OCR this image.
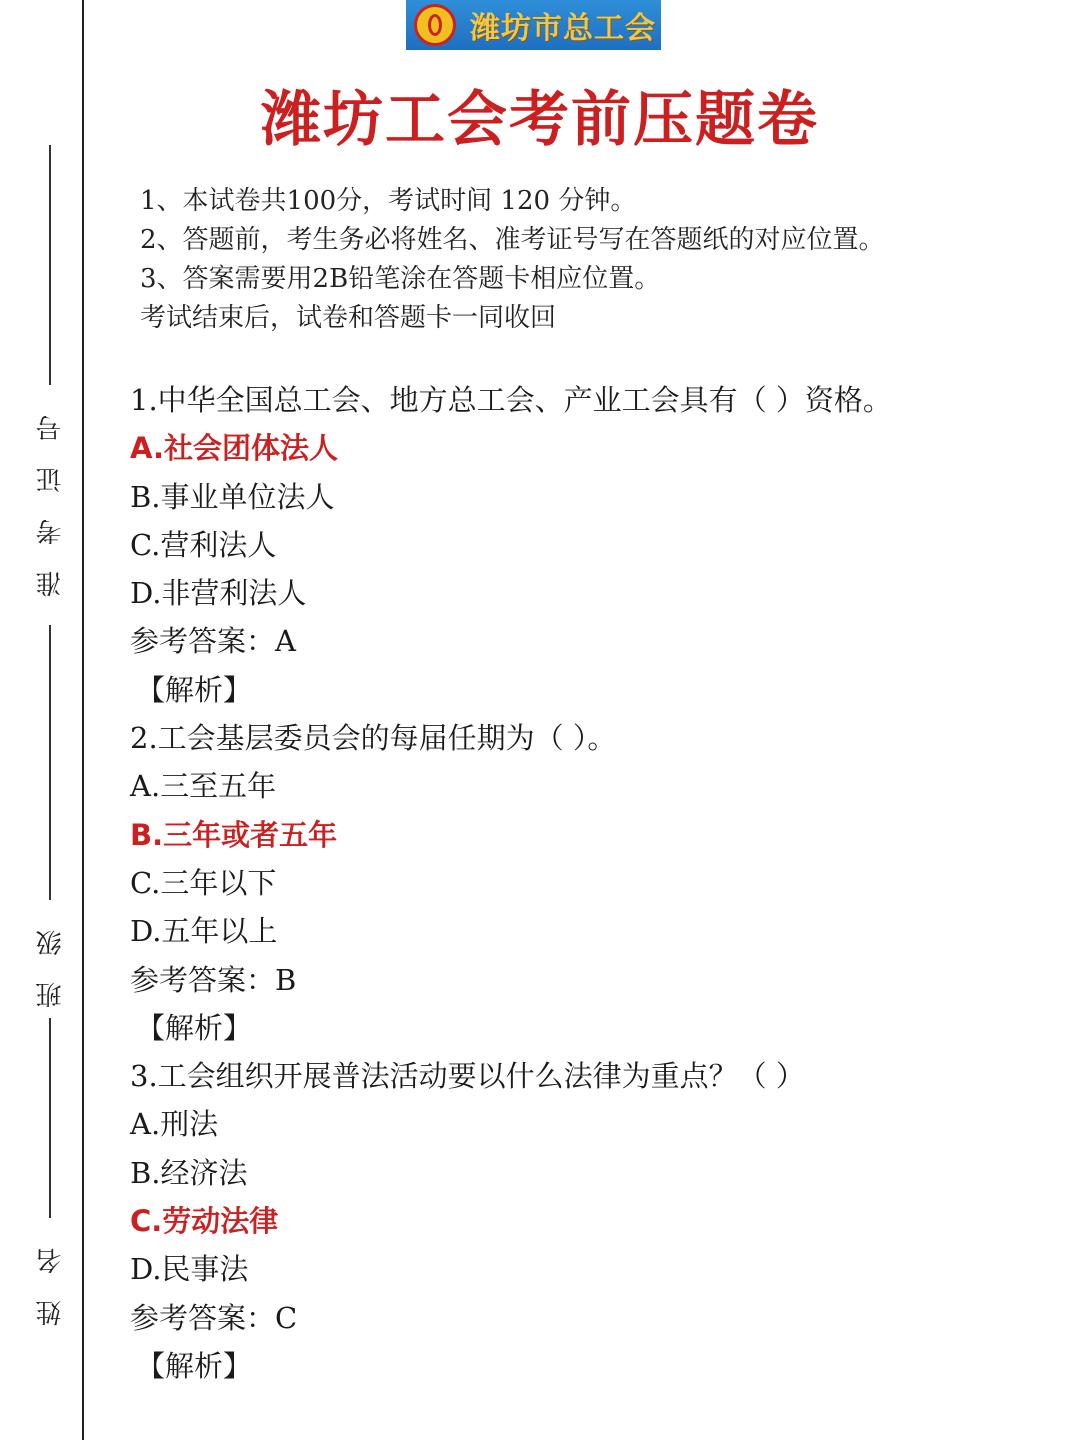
准考证号
班级
姓名
潍坊市总工会
潍坊工会考前压题卷
1、本试卷共100分，考试时间 120 分钟。
2、答题前，考生务必将姓名、准考证号写在答题纸的对应位置。
3、答案需要用2B铅笔涂在答题卡相应位置。
考试结束后，试卷和答题卡一同收回
1.中华全国总工会、地方总工会、产业工会具有（ ）资格。
A.社会团体法人
B.事业单位法人
C.营利法人
D.非营利法人
参考答案：A
【解析】
2.工会基层委员会的每届任期为（ ）。
A.三至五年
B.三年或者五年
C.三年以下
D.五年以上
参考答案：B
【解析】
3.工会组织开展普法活动要以什么法律为重点？（ ）
A.刑法
B.经济法
C.劳动法律
D.民事法
参考答案：C
【解析】
